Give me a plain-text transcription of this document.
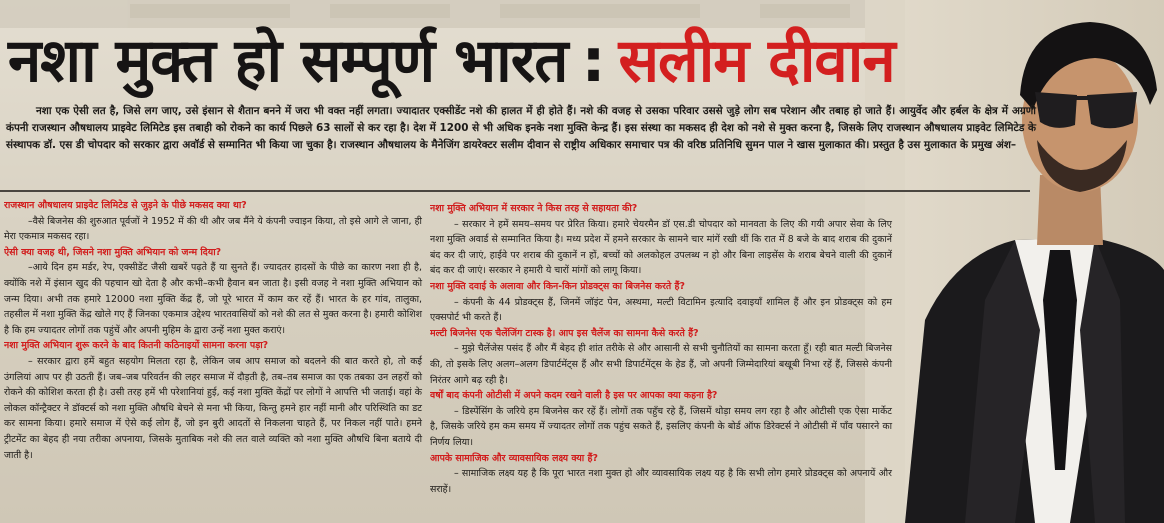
नशा मुक्त हो सम्पूर्ण भारत : सलीम दीवान

नशा एक ऐसी लत है, जिसे लग जाए, उसे इंसान से शैतान बनने में जरा भी वक्त नहीं लगता। ज्यादातर एक्सीडेंट नशे की हालत में ही होते हैं। नशे की वजह से उसका परिवार उससे जुड़े लोग सब परेशान और तबाह हो जाते हैं। आयुर्वेद और हर्बल के क्षेत्र में अग्रणी कंपनी राजस्थान औषधालय प्राइवेट लिमिटेड इस तबाही को रोकने का कार्य पिछले 63 सालों से कर रहा है। देश में 1200 से भी अधिक इनके नशा मुक्ति केन्द्र हैं। इस संस्था का मकसद ही देश को नशे से मुक्त करना है, जिसके लिए राजस्थान औषधालय प्राइवेट लिमिटेड के संस्थापक डॉ. एस डी चोपदार को सरकार द्वारा अवॉर्ड से सम्मानित भी किया जा चुका है। राजस्थान औषधालय के मैनेजिंग डायरेक्टर सलीम दीवान से राष्ट्रीय अधिकार समाचार पत्र की वरिष्ठ प्रतिनिधि सुमन पाल ने खास मुलाकात की। प्रस्तुत है उस मुलाकात के प्रमुख अंश–

राजस्थान औषधालय प्राइवेट लिमिटेड से जुड़ने के पीछे मकसद क्या था?

–वैसे बिजनेस की शुरुआत पूर्वजों ने 1952 में की थी और जब मैंने ये कंपनी ज्वाइन किया, तो इसे आगे ले जाना, ही मेरा एकमात्र मकसद रहा।

ऐसी क्या वजह थी, जिसने नशा मुक्ति अभियान को जन्म दिया?

–आये दिन हम मर्डर, रेप, एक्सीडेंट जैसी खबरें पढ़ते हैं या सुनते हैं। ज्यादतर हादसों के पीछे का कारण नशा ही है, क्योंकि नशे में इंसान खुद की पहचान खो देता है और कभी–कभी हैवान बन जाता है। इसी वजह ने नशा मुक्ति अभियान को जन्म दिया। अभी तक हमारे 12000 नशा मुक्ति केंद्र हैं, जो पूरे भारत में काम कर रहें हैं। भारत के हर गांव, तालुका, तहसील में नशा मुक्ति केंद्र खोले गए हैं जिनका एकमात्र उद्देश्य भारतवासियों को नशे की लत से मुक्त करना है। हमारी कोशिश है कि हम ज्यादतर लोगों तक पहुंचें और अपनी मुहिम के द्वारा उन्हें नशा मुक्त कराएं।

नशा मुक्ति अभियान शुरू करने के बाद कितनी कठिनाइयों सामना करना पड़ा?

– सरकार द्वारा हमें बहुत सहयोग मिलता रहा है, लेकिन जब आप समाज को बदलने की बात करते हो, तो कई उंगलियां आप पर ही उठती हैं। जब–जब परिवर्तन की लहर समाज में दौड़ती है, तब–तब समाज का एक तबका उन लहरों को रोकने की कोशिश करता ही है। उसी तरह हमें भी परेशानियां हुई, कई नशा मुक्ति केंद्रों पर लोगों ने आपत्ति भी जताई। वहां के लोकल कॉन्ट्रैक्टर ने डॉक्टर्स को नशा मुक्ति औषधि बेचने से मना भी किया, किन्तु हमने हार नहीं मानी और परिस्थिति का डट कर सामना किया। हमारे समाज में ऐसे कई लोग हैं, जो इन बुरी आदतों से निकलना चाहते हैं, पर निकल नहीं पाते। हमने ट्रीटमेंट का बेहद ही नया तरीका अपनाया, जिसके मुताबिक नशे की लत वाले व्यक्ति को नशा मुक्ति औषधि बिना बताये दी जाती है।

नशा मुक्ति अभियान में सरकार ने किस तरह से सहायता की?

– सरकार ने हमें समय–समय पर प्रेरित किया। हमारे चेयरमैन डॉ एस.डी चोपदार को मानवता के लिए की गयी अपार सेवा के लिए नशा मुक्ति अवार्ड से सम्मानित किया है। मध्य प्रदेश में हमने सरकार के सामने चार मांगें रखी थीं कि रात में 8 बजे के बाद शराब की दुकानें बंद कर दी जाएं, हाईवे पर शराब की दुकानें न हों, बच्चों को अलकोहल उपलब्ध न हो और बिना लाइसेंस के शराब बेचने वाली की दुकानें बंद कर दी जाएं। सरकार ने हमारी ये चारों मांगों को लागू किया।

नशा मुक्ति दवाई के अलावा और किन-किन प्रोडक्ट्स का बिजनेस करते हैं?

– कंपनी के 44 प्रोडक्ट्स हैं, जिनमें जॉइंट पेन, अस्थमा, मल्टी विटामिन इत्यादि दवाइयाँ शामिल हैं और इन प्रोडक्ट्स को हम एक्सपोर्ट भी करते हैं।

मल्टी बिजनेस एक चैलेंजिंग टास्क है। आप इस चैलेंज का सामना कैसे करते हैं?

– मुझे चैलेंजेस पसंद हैं और मैं बेहद ही शांत तरीके से और आसानी से सभी चुनौतियों का सामना करता हूँ। रही बात मल्टी बिजनेस की, तो इसके लिए अलग–अलग डिपार्टमेंट्स हैं और सभी डिपार्टमेंट्स के हेड हैं, जो अपनी जिम्मेदारियां बखूबी निभा रहें हैं, जिससे कंपनी निरंतर आगे बढ़ रही है।

वर्षों बाद कंपनी ओटीसी में अपने कदम रखने वाली है इस पर आपका क्या कहना है?

– डिस्पेंसिंग के जरिये हम बिजनेस कर रहें हैं। लोगों तक पहुँच रहे हैं, जिसमें थोड़ा समय लग रहा है और ओटीसी एक ऐसा मार्केट है, जिसके जरिये हम कम समय में ज्यादतर लोगों तक पहुंच सकते हैं, इसलिए कंपनी के बोर्ड ऑफ डिरेक्टर्स ने ओटीसी में पाँव पसारने का निर्णय लिया।

आपके सामाजिक और व्यावसायिक लक्ष्य क्या हैं?

– सामाजिक लक्ष्य यह है कि पूरा भारत नशा मुक्त हो और व्यावसायिक लक्ष्य यह है कि सभी लोग हमारे प्रोडक्ट्स को अपनायें और सराहें।
